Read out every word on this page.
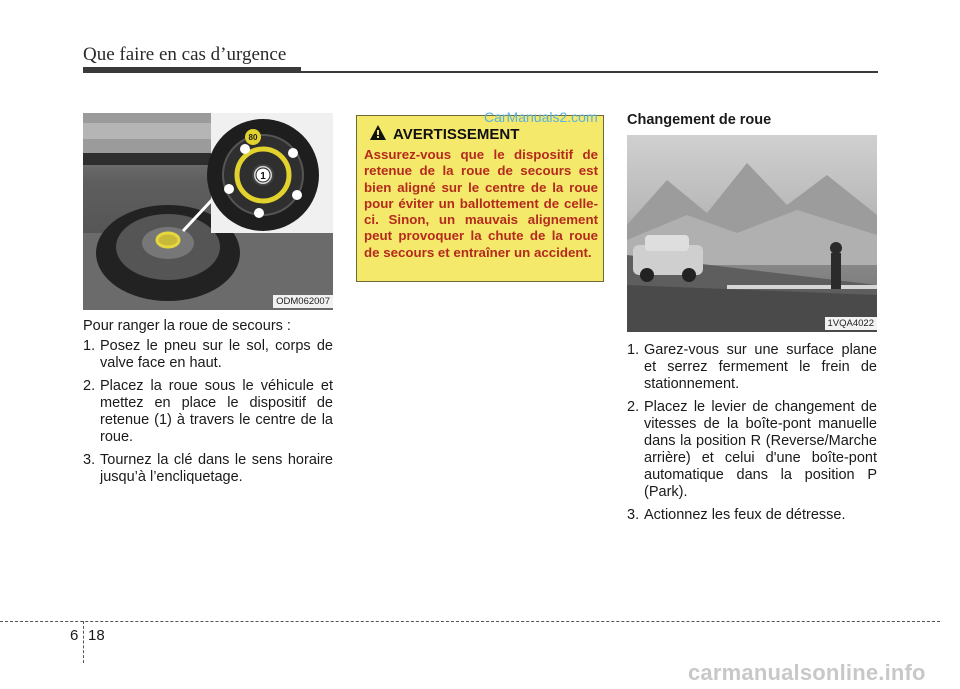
Que faire en cas d’urgence
80
1
ODM062007
Pour ranger la roue de secours :
1. Posez le pneu sur le sol, corps de valve face en haut.
2. Placez la roue sous le véhicule et mettez en place le dispositif de retenue (1) à travers le centre de la roue.
3. Tournez la clé dans le sens horaire jusqu’à l’encliquetage.
AVERTISSEMENT
Assurez-vous que le dispositif de retenue de la roue de secours est bien aligné sur le centre de la roue pour éviter un ballottement de celle-ci. Sinon, un mauvais alignement peut provoquer la chute de la roue de secours et entraîner un accident.
CarManuals2.com Changement de roue
1VQA4022
1. Garez-vous sur une surface plane et serrez fermement le frein de stationnement.
2. Placez le levier de changement de vitesses de la boîte-pont manuelle dans la position R (Reverse/Marche arrière) et celui d'une boîte-pont automatique dans la position P (Park).
3. Actionnez les feux de détresse.
6 18
carmanualsonline.info
